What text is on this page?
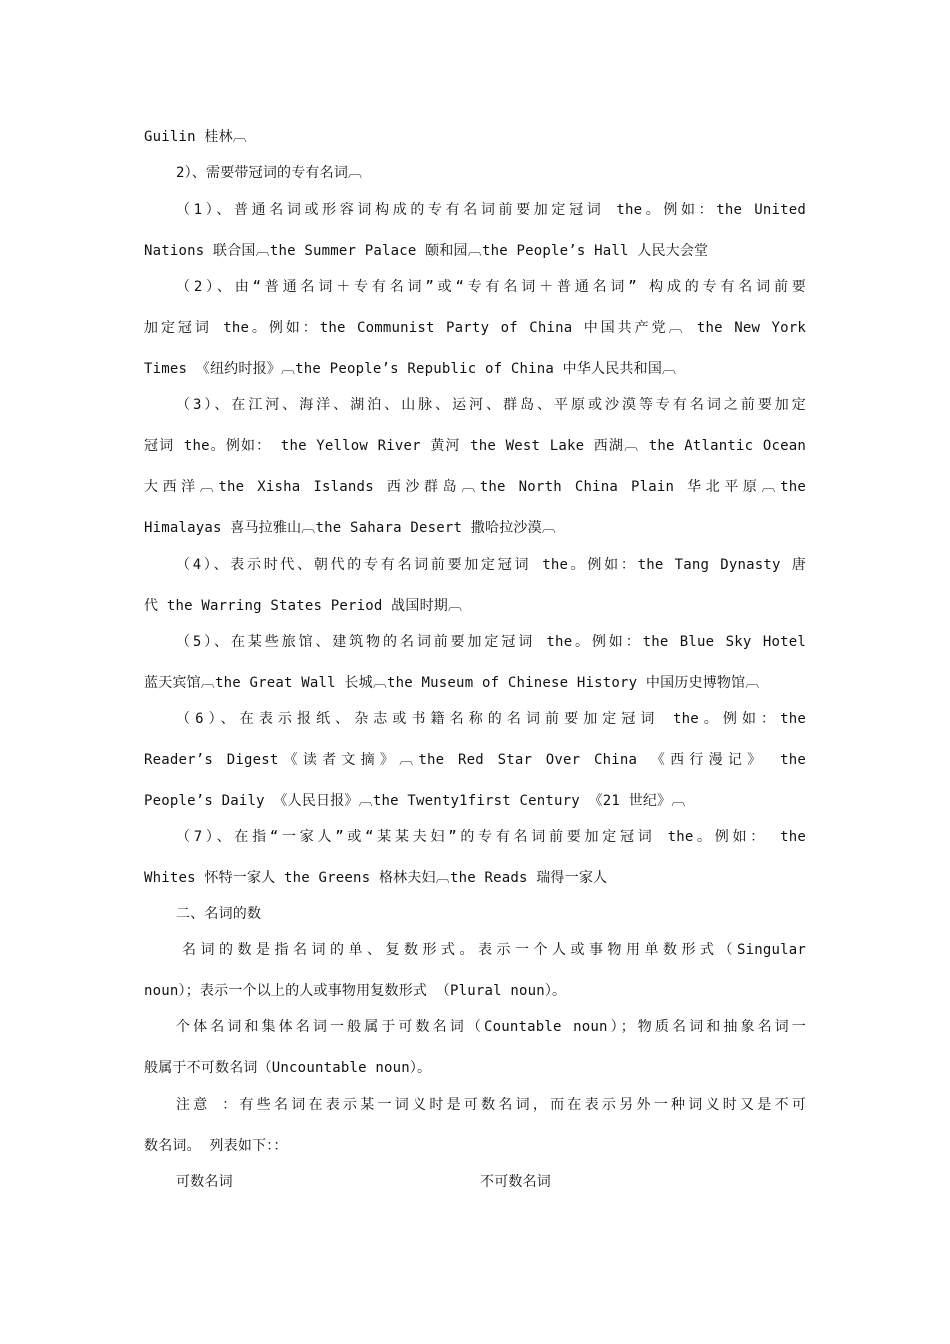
Guilin 桂林︹
2）、需要带冠词的专有名词︹
（1）、普通名词或形容词构成的专有名词前要加定冠词 the。例如：the United
Nations 联合国︹the Summer Palace 颐和园︹the People’s Hall 人民大会堂
（2）、由“普通名词＋专有名词”或“专有名词＋普通名词” 构成的专有名词前要
加定冠词 the。例如：the Communist Party of China 中国共产党︹ the New York
Times 《纽约时报》︹the People’s Republic of China 中华人民共和国︹
（3）、在江河、海洋、湖泊、山脉、运河、群岛、平原或沙漠等专有名词之前要加定
冠词 the。例如： the Yellow River 黄河 the West Lake 西湖︹ the Atlantic Ocean
大西洋︹the Xisha Islands 西沙群岛︹the North China Plain 华北平原︹the
Himalayas 喜马拉雅山︹the Sahara Desert 撒哈拉沙漠︹
（4）、表示时代、朝代的专有名词前要加定冠词 the。例如：the Tang Dynasty 唐
代 the Warring States Period 战国时期︹
（5）、在某些旅馆、建筑物的名词前要加定冠词 the。例如：the Blue Sky Hotel
蓝天宾馆︹the Great Wall 长城︹the Museum of Chinese History 中国历史博物馆︹
（6）、在表示报纸、杂志或书籍名称的名词前要加定冠词 the。例如：the
Reader’s Digest《读者文摘》︹the Red Star Over China 《西行漫记》 the
People’s Daily 《人民日报》︹the Twenty1first Century 《21 世纪》︹
（7）、在指“一家人”或“某某夫妇”的专有名词前要加定冠词 the。例如： the
Whites 怀特一家人 the Greens 格林夫妇︹the Reads 瑞得一家人
二、名词的数
名词的数是指名词的单、复数形式。表示一个人或事物用单数形式（Singular
noun）；表示一个以上的人或事物用复数形式 （Plural noun）。
个体名词和集体名词一般属于可数名词（Countable noun）；物质名词和抽象名词一
般属于不可数名词（Uncountable noun）。
注意 ：有些名词在表示某一词义时是可数名词，而在表示另外一种词义时又是不可
数名词。 列表如下：：
可数名词	不可数名词
